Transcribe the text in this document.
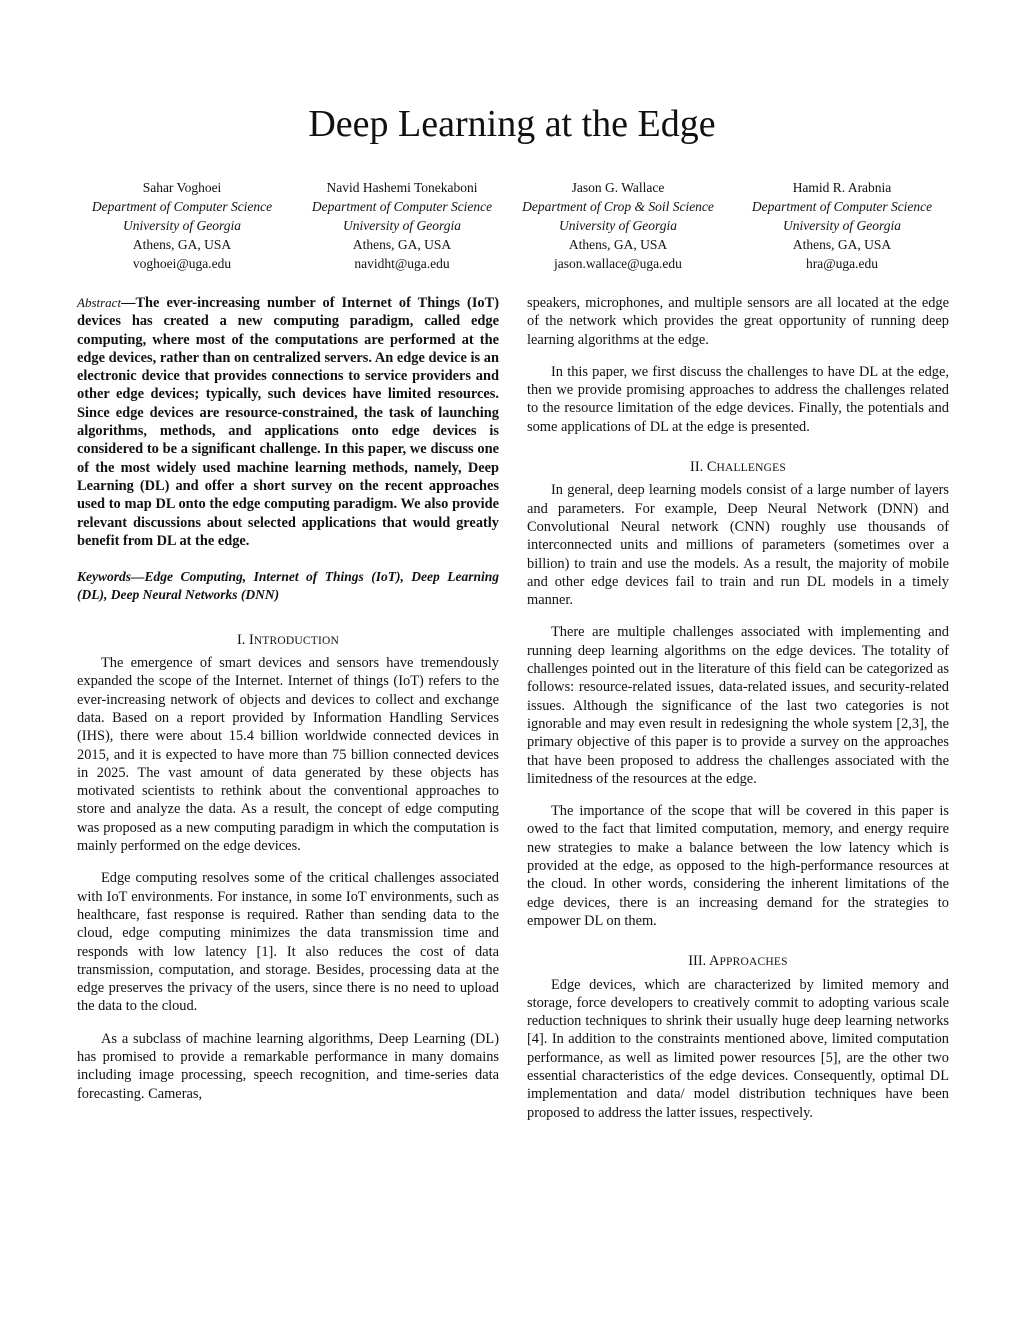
Deep Learning at the Edge
Sahar Voghoei
Department of Computer Science
University of Georgia
Athens, GA, USA
voghoei@uga.edu
Navid Hashemi Tonekaboni
Department of Computer Science
University of Georgia
Athens, GA, USA
navidht@uga.edu
Jason G. Wallace
Department of Crop & Soil Science
University of Georgia
Athens, GA, USA
jason.wallace@uga.edu
Hamid R. Arabnia
Department of Computer Science
University of Georgia
Athens, GA, USA
hra@uga.edu

Abstract—The ever-increasing number of Internet of Things (IoT) devices has created a new computing paradigm, called edge computing, where most of the computations are performed at the edge devices, rather than on centralized servers. An edge device is an electronic device that provides connections to service providers and other edge devices; typically, such devices have limited resources. Since edge devices are resource-constrained, the task of launching algorithms, methods, and applications onto edge devices is considered to be a significant challenge. In this paper, we discuss one of the most widely used machine learning methods, namely, Deep Learning (DL) and offer a short survey on the recent approaches used to map DL onto the edge computing paradigm. We also provide relevant discussions about selected applications that would greatly benefit from DL at the edge.

Keywords—Edge Computing, Internet of Things (IoT), Deep Learning (DL), Deep Neural Networks (DNN)

I. INTRODUCTION

The emergence of smart devices and sensors have tremendously expanded the scope of the Internet. Internet of things (IoT) refers to the ever-increasing network of objects and devices to collect and exchange data. Based on a report provided by Information Handling Services (IHS), there were about 15.4 billion worldwide connected devices in 2015, and it is expected to have more than 75 billion connected devices in 2025. The vast amount of data generated by these objects has motivated scientists to rethink about the conventional approaches to store and analyze the data. As a result, the concept of edge computing was proposed as a new computing paradigm in which the computation is mainly performed on the edge devices.

Edge computing resolves some of the critical challenges associated with IoT environments. For instance, in some IoT environments, such as healthcare, fast response is required. Rather than sending data to the cloud, edge computing minimizes the data transmission time and responds with low latency [1]. It also reduces the cost of data transmission, computation, and storage. Besides, processing data at the edge preserves the privacy of the users, since there is no need to upload the data to the cloud.

As a subclass of machine learning algorithms, Deep Learning (DL) has promised to provide a remarkable performance in many domains including image processing, speech recognition, and time-series data forecasting. Cameras,

speakers, microphones, and multiple sensors are all located at the edge of the network which provides the great opportunity of running deep learning algorithms at the edge.

In this paper, we first discuss the challenges to have DL at the edge, then we provide promising approaches to address the challenges related to the resource limitation of the edge devices. Finally, the potentials and some applications of DL at the edge is presented.

II. CHALLENGES

In general, deep learning models consist of a large number of layers and parameters. For example, Deep Neural Network (DNN) and Convolutional Neural network (CNN) roughly use thousands of interconnected units and millions of parameters (sometimes over a billion) to train and use the models. As a result, the majority of mobile and other edge devices fail to train and run DL models in a timely manner.

There are multiple challenges associated with implementing and running deep learning algorithms on the edge devices. The totality of challenges pointed out in the literature of this field can be categorized as follows: resource-related issues, data-related issues, and security-related issues. Although the significance of the last two categories is not ignorable and may even result in redesigning the whole system [2,3], the primary objective of this paper is to provide a survey on the approaches that have been proposed to address the challenges associated with the limitedness of the resources at the edge.

The importance of the scope that will be covered in this paper is owed to the fact that limited computation, memory, and energy require new strategies to make a balance between the low latency which is provided at the edge, as opposed to the high-performance resources at the cloud. In other words, considering the inherent limitations of the edge devices, there is an increasing demand for the strategies to empower DL on them.

III. APPROACHES

Edge devices, which are characterized by limited memory and storage, force developers to creatively commit to adopting various scale reduction techniques to shrink their usually huge deep learning networks [4]. In addition to the constraints mentioned above, limited computation performance, as well as limited power resources [5], are the other two essential characteristics of the edge devices. Consequently, optimal DL implementation and data/ model distribution techniques have been proposed to address the latter issues, respectively.
